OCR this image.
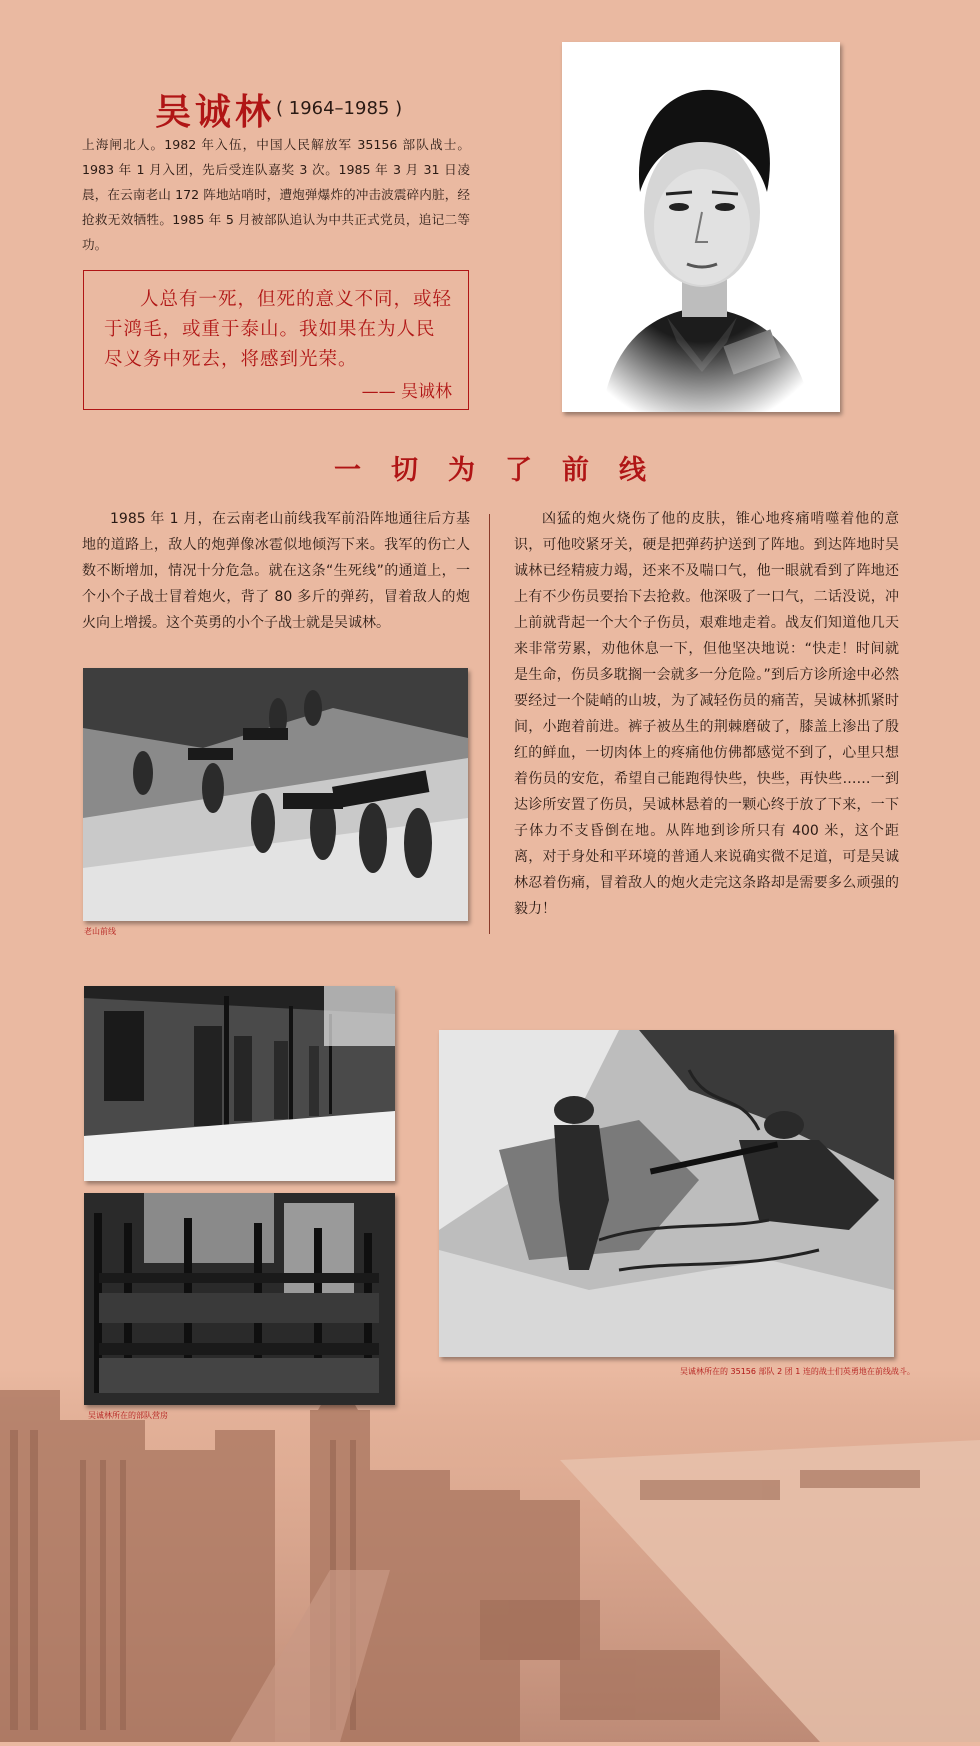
吴诚林 ( 1964–1985 )
上海闸北人。1982 年入伍，中国人民解放军 35156 部队战士。1983 年 1 月入团，先后受连队嘉奖 3 次。1985 年 3 月 31 日凌晨，在云南老山 172 阵地站哨时，遭炮弹爆炸的冲击波震碎内脏，经抢救无效牺牲。1985 年 5 月被部队追认为中共正式党员，追记二等功。
人总有一死，但死的意义不同，或轻于鸿毛，或重于泰山。我如果在为人民尽义务中死去，将感到光荣。
—— 吴诚林
一切为了前线

1985 年 1 月，在云南老山前线我军前沿阵地通往后方基地的道路上，敌人的炮弹像冰雹似地倾泻下来。我军的伤亡人数不断增加，情况十分危急。就在这条“生死线”的通道上，一个小个子战士冒着炮火，背了 80 多斤的弹药，冒着敌人的炮火向上增援。这个英勇的小个子战士就是吴诚林。

凶猛的炮火烧伤了他的皮肤，锥心地疼痛啃噬着他的意识，可他咬紧牙关，硬是把弹药护送到了阵地。到达阵地时吴诚林已经精疲力竭，还来不及喘口气，他一眼就看到了阵地还上有不少伤员要抬下去抢救。他深吸了一口气，二话没说，冲上前就背起一个大个子伤员，艰难地走着。战友们知道他几天来非常劳累，劝他休息一下，但他坚决地说：“快走！时间就是生命，伤员多耽搁一会就多一分危险。”到后方诊所途中必然要经过一个陡峭的山坡，为了减轻伤员的痛苦，吴诚林抓紧时间，小跑着前进。裤子被丛生的荆棘磨破了，膝盖上渗出了殷红的鲜血，一切肉体上的疼痛他仿佛都感觉不到了，心里只想着伤员的安危，希望自己能跑得快些，快些，再快些……一到达诊所安置了伤员，吴诚林悬着的一颗心终于放了下来，一下子体力不支昏倒在地。从阵地到诊所只有 400 米，这个距离，对于身处和平环境的普通人来说确实微不足道，可是吴诚林忍着伤痛，冒着敌人的炮火走完这条路却是需要多么顽强的毅力！

老山前线
吴诚林所在的部队营房
吴诚林所在的 35156 部队 2 团 1 连的战士们英勇地在前线战斗。
